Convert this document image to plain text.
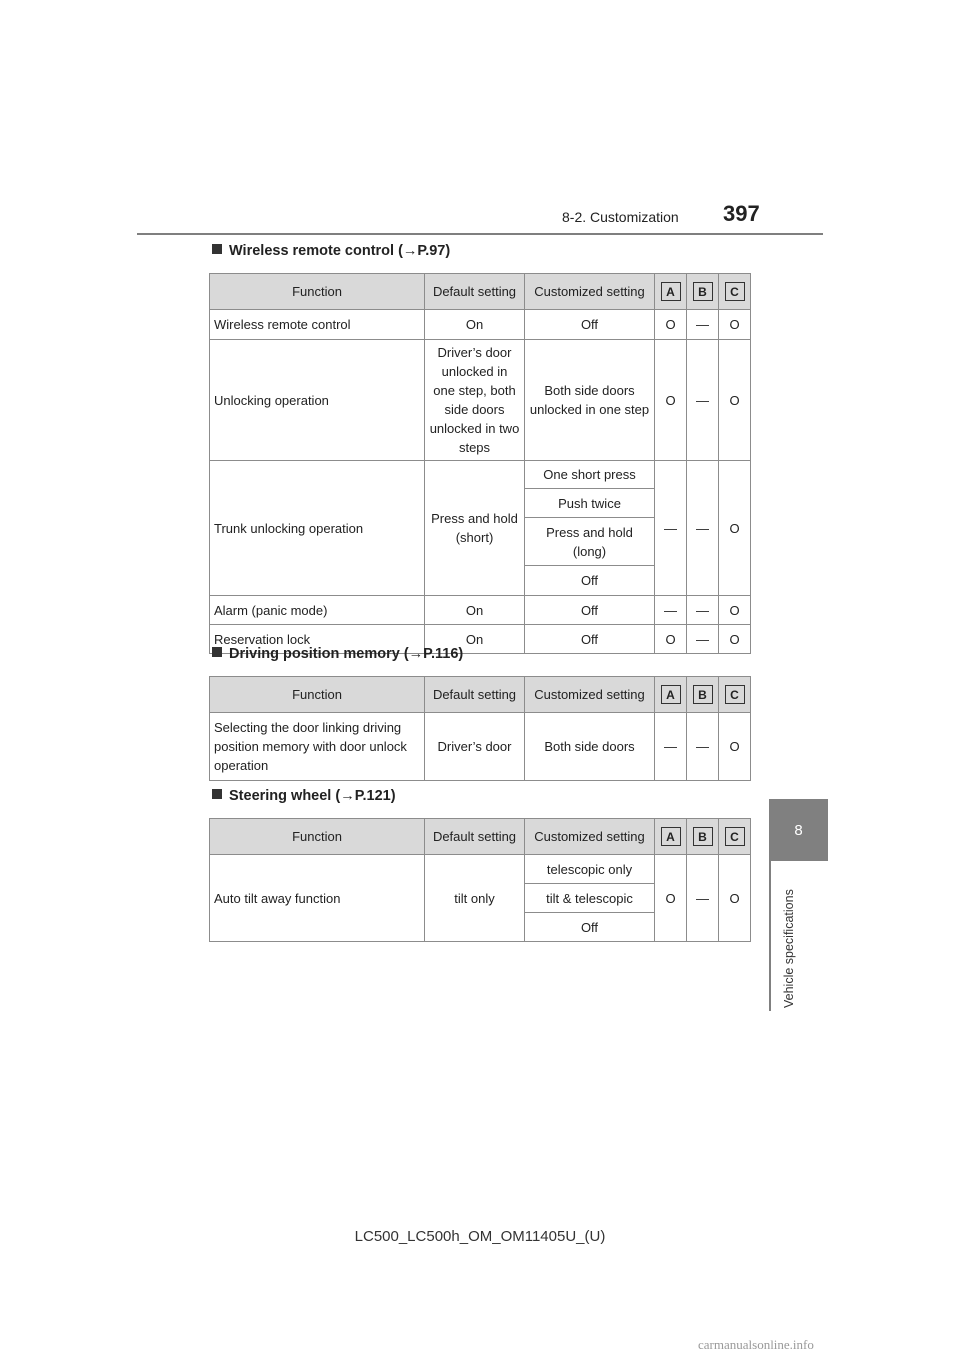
8-2. Customization 397
8
Vehicle specifications
Wireless remote control (→P.97)
Function	Default setting	Customized setting	A	B	C
Wireless remote control	On	Off	O	—	O
Unlocking operation	Driver’s door unlocked in one step, both side doors unlocked in two steps	Both side doors unlocked in one step	O	—	O
Trunk unlocking operation	Press and hold (short)	One short press	—	—	O
		Push twice			
		Press and hold (long)			
		Off			
Alarm (panic mode)	On	Off	—	—	O
Reservation lock	On	Off	O	—	O
Driving position memory (→P.116)
Function	Default setting	Customized setting	A	B	C
Selecting the door linking driving position memory with door unlock operation	Driver’s door	Both side doors	—	—	O
Steering wheel (→P.121)
Function	Default setting	Customized setting	A	B	C
Auto tilt away function	tilt only	telescopic only	O	—	O
		tilt & telescopic			
		Off			
LC500_LC500h_OM_OM11405U_(U)
carmanualsonline.info
